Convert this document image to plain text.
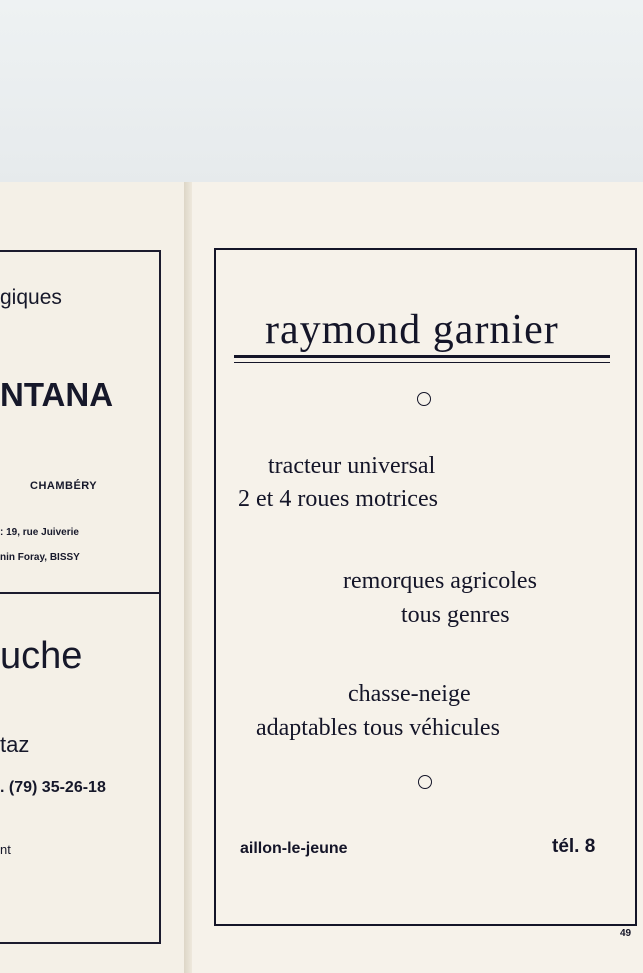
giques
NTANA
CHAMBÉRY
: 19, rue Juiverie
nin Foray, BISSY
uche
taz
. (79) 35-26-18
nt
raymond garnier
tracteur universal
2 et 4 roues motrices
remorques agricoles
tous genres
chasse-neige
adaptables tous véhicules
aillon-le-jeune	tél. 8
49
